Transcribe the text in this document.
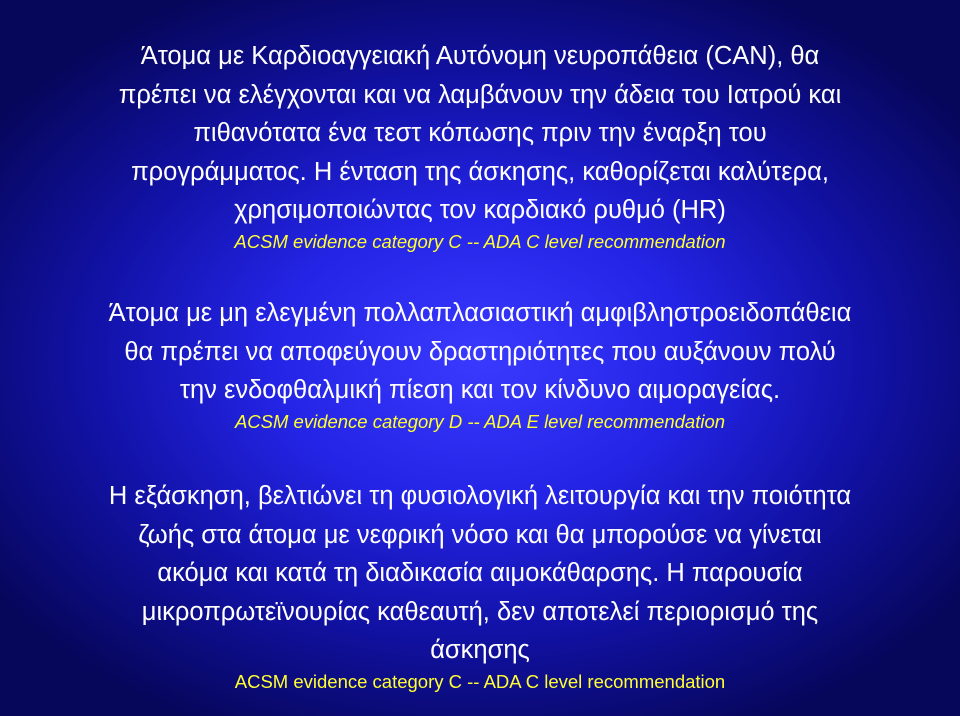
Άτομα με Καρδιοαγγειακή Αυτόνομη νευροπάθεια (CAN), θα
πρέπει να ελέγχονται και να λαμβάνουν την άδεια του Ιατρού και
πιθανότατα ένα τεστ κόπωσης πριν την έναρξη του
προγράμματος. Η ένταση της άσκησης, καθορίζεται καλύτερα,
χρησιμοποιώντας τον καρδιακό ρυθμό (HR)
ACSM evidence category C -- ADA C level recommendation
Άτομα με μη ελεγμένη πολλαπλασιαστική αμφιβληστροειδοπάθεια
θα πρέπει να αποφεύγουν δραστηριότητες που αυξάνουν πολύ
την ενδοφθαλμική πίεση και τον κίνδυνο αιμοραγείας.
ACSM evidence category D -- ADA E level recommendation
Η εξάσκηση, βελτιώνει τη φυσιολογική λειτουργία και την ποιότητα
ζωής στα άτομα με νεφρική νόσο και θα μπορούσε να γίνεται
ακόμα και κατά τη διαδικασία αιμοκάθαρσης. Η παρουσία
μικροπρωτεϊνουρίας καθεαυτή, δεν αποτελεί περιορισμό της
άσκησης
ACSM evidence category C -- ADA C level recommendation
